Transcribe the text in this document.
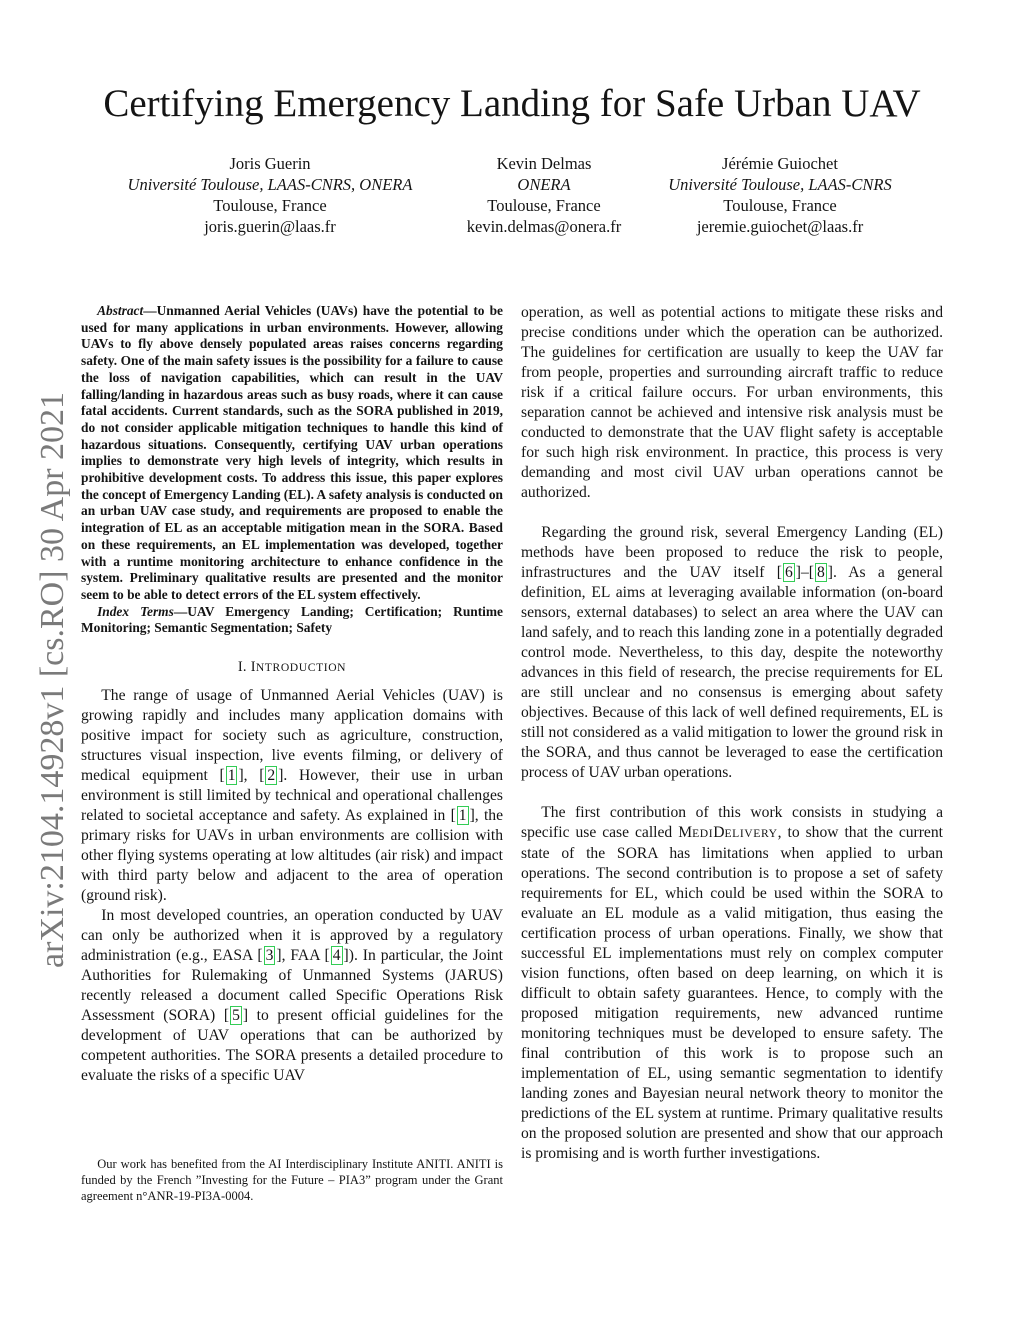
Certifying Emergency Landing for Safe Urban UAV
Joris Guerin
Université Toulouse, LAAS-CNRS, ONERA
Toulouse, France
joris.guerin@laas.fr
Kevin Delmas
ONERA
Toulouse, France
kevin.delmas@onera.fr
Jérémie Guiochet
Université Toulouse, LAAS-CNRS
Toulouse, France
jeremie.guiochet@laas.fr
arXiv:2104.14928v1 [cs.RO] 30 Apr 2021

Abstract—Unmanned Aerial Vehicles (UAVs) have the potential to be used for many applications in urban environments. However, allowing UAVs to fly above densely populated areas raises concerns regarding safety. One of the main safety issues is the possibility for a failure to cause the loss of navigation capabilities, which can result in the UAV falling/landing in hazardous areas such as busy roads, where it can cause fatal accidents. Current standards, such as the SORA published in 2019, do not consider applicable mitigation techniques to handle this kind of hazardous situations. Consequently, certifying UAV urban operations implies to demonstrate very high levels of integrity, which results in prohibitive development costs. To address this issue, this paper explores the concept of Emergency Landing (EL). A safety analysis is conducted on an urban UAV case study, and requirements are proposed to enable the integration of EL as an acceptable mitigation mean in the SORA. Based on these requirements, an EL implementation was developed, together with a runtime monitoring architecture to enhance confidence in the system. Preliminary qualitative results are presented and the monitor seem to be able to detect errors of the EL system effectively.

Index Terms—UAV Emergency Landing; Certification; Runtime Monitoring; Semantic Segmentation; Safety

I. INTRODUCTION

The range of usage of Unmanned Aerial Vehicles (UAV) is growing rapidly and includes many application domains with positive impact for society such as agriculture, construction, structures visual inspection, live events filming, or delivery of medical equipment [ 1 ], [ 2 ]. However, their use in urban environment is still limited by technical and operational challenges related to societal acceptance and safety. As explained in [ 1 ], the primary risks for UAVs in urban environments are collision with other flying systems operating at low altitudes (air risk) and impact with third party below and adjacent to the area of operation (ground risk).

In most developed countries, an operation conducted by UAV can only be authorized when it is approved by a regulatory administration (e.g., EASA [ 3 ], FAA [ 4 ]). In particular, the Joint Authorities for Rulemaking of Unmanned Systems (JARUS) recently released a document called Specific Operations Risk Assessment (SORA) [ 5 ] to present official guidelines for the development of UAV operations that can be authorized by competent authorities. The SORA presents a detailed procedure to evaluate the risks of a specific UAV

Our work has benefited from the AI Interdisciplinary Institute ANITI. ANITI is funded by the French ”Investing for the Future – PIA3” program under the Grant agreement n°ANR-19-PI3A-0004.

operation, as well as potential actions to mitigate these risks and precise conditions under which the operation can be authorized. The guidelines for certification are usually to keep the UAV far from people, properties and surrounding aircraft traffic to reduce risk if a critical failure occurs. For urban environments, this separation cannot be achieved and intensive risk analysis must be conducted to demonstrate that the UAV flight safety is acceptable for such high risk environment. In practice, this process is very demanding and most civil UAV urban operations cannot be authorized.

Regarding the ground risk, several Emergency Landing (EL) methods have been proposed to reduce the risk to people, infrastructures and the UAV itself [ 6 ]–[ 8 ]. As a general definition, EL aims at leveraging available information (on-board sensors, external databases) to select an area where the UAV can land safely, and to reach this landing zone in a potentially degraded control mode. Nevertheless, to this day, despite the noteworthy advances in this field of research, the precise requirements for EL are still unclear and no consensus is emerging about safety objectives. Because of this lack of well defined requirements, EL is still not considered as a valid mitigation to lower the ground risk in the SORA, and thus cannot be leveraged to ease the certification process of UAV urban operations.

The first contribution of this work consists in studying a specific use case called MEDIDELIVERY, to show that the current state of the SORA has limitations when applied to urban operations. The second contribution is to propose a set of safety requirements for EL, which could be used within the SORA to evaluate an EL module as a valid mitigation, thus easing the certification process of urban operations. Finally, we show that successful EL implementations must rely on complex computer vision functions, often based on deep learning, on which it is difficult to obtain safety guarantees. Hence, to comply with the proposed mitigation requirements, new advanced runtime monitoring techniques must be developed to ensure safety. The final contribution of this work is to propose such an implementation of EL, using semantic segmentation to identify landing zones and Bayesian neural network theory to monitor the predictions of the EL system at runtime. Primary qualitative results on the proposed solution are presented and show that our approach is promising and is worth further investigations.
